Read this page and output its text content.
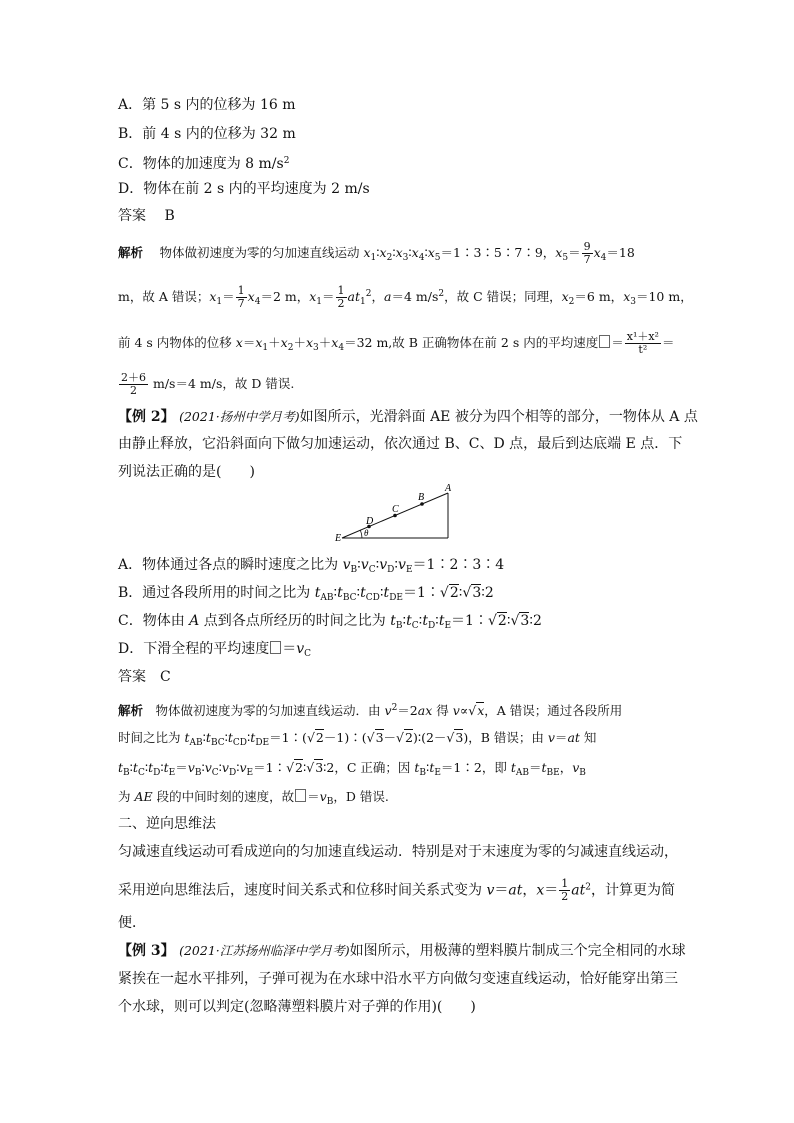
A．第 5 s 内的位移为 16 m
B．前 4 s 内的位移为 32 m
C．物体的加速度为 8 $m/s^2$
D．物体在前 2 s 内的平均速度为 2 m/s
答案　 B
解析　 物体做初速度为零的匀加速直线运动 $x_1∶x_2∶x_3∶x_4∶x_5=1∶3∶5∶7∶9$，$x_5= \frac{9}{7} x_4=18$
m，故 A 错误；$x_1= \frac{1}{7} x_4=2$ m，$x_1= \frac{1}{2} at_1^2$，a＝4 $m/s^2$，故 C 错误；同理，$x_2=6$ m，$x_3=10$ m，
前 4 s 内物体的位移 $x=x_1+x_2+x_3+x_4=32$ m,故 B 正确物体在前 2 s 内的平均速度 ＝ $\frac{\text{x¹＋x²}}{\text{t²}}$ ＝
$\frac{2+6}{2} m/s=4$ m/s，故 D 错误.
【例 2】 (2021·扬州中学月考)如图所示，光滑斜面 AE 被分为四个相等的部分，一物体从 A 点
由静止释放，它沿斜面向下做匀加速运动，依次通过 B、C、D 点，最后到达底端 E 点．下
列说法正确的是(　　)
A
B
C
D
E	θ
A．物体通过各点的瞬时速度之比为 $v_B∶v_C∶v_D∶v_E=1∶2∶3∶4$
B．通过各段所用的时间之比为 $t_{AB}∶t_{BC}∶t_{CD}∶t_{DE}=1∶√$ 2∶√ 3∶2
C．物体由 A 点到各点所经历的时间之比为 $t_B∶t_C∶t_D∶t_E=1∶√$ 2∶√ 3∶2
D．下滑全程的平均速度 $=v_C$
答案　 C
解析　物体做初速度为零的匀加速直线运动．由 $v^2=2ax$ 得 v∝√ x，A 错误；通过各段所用
时间之比为 $t_{AB}∶t_{BC}∶t_{CD}∶t_{DE}=1∶(√$ 2－1)∶(√ 3－√ 2)∶(2－√ 3)，B 错误；由 v＝at 知
$t_B∶t_C∶t_D∶t_E=v_B∶v_C∶v_D∶v_E=1∶√$ 2∶√ 3∶2，C 正确；因 $t_B∶t_E=1∶2$，即 $t_{AB}=t_{BE}$，$v_B$
为 AE 段的中间时刻的速度，故 $=v_B$，D 错误.
二、逆向思维法
匀减速直线运动可看成逆向的匀加速直线运动．特别是对于末速度为零的匀减速直线运动，
采用逆向思维法后，速度时间关系式和位移时间关系式变为 v＝at，$x= \frac{1}{2} at^2$，计算更为简
便．
【例 3】 (2021·江苏扬州临泽中学月考)如图所示，用极薄的塑料膜片制成三个完全相同的水球
紧挨在一起水平排列，子弹可视为在水球中沿水平方向做匀变速直线运动，恰好能穿出第三
个水球，则可以判定(忽略薄塑料膜片对子弹的作用)(　　)
